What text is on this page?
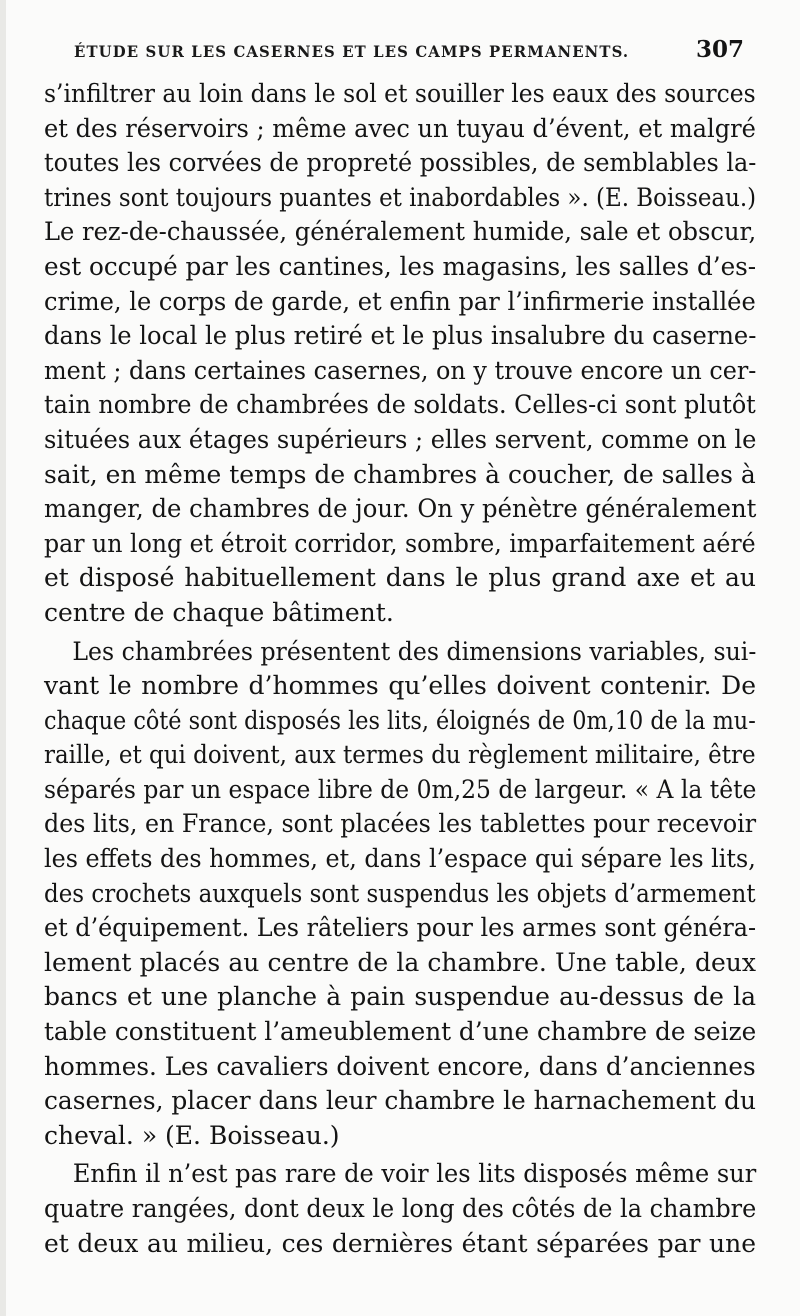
ÉTUDE SUR LES CASERNES ET LES CAMPS PERMANENTS.	307
s’infiltrer au loin dans le sol et souiller les eaux des sources
et des réservoirs ; même avec un tuyau d’évent, et malgré
toutes les corvées de propreté possibles, de semblables la-
trines sont toujours puantes et inabordables ». (E. Boisseau.)
Le rez-de-chaussée, généralement humide, sale et obscur,
est occupé par les cantines, les magasins, les salles d’es-
crime, le corps de garde, et enfin par l’infirmerie installée
dans le local le plus retiré et le plus insalubre du caserne-
ment ; dans certaines casernes, on y trouve encore un cer-
tain nombre de chambrées de soldats. Celles-ci sont plutôt
situées aux étages supérieurs ; elles servent, comme on le
sait, en même temps de chambres à coucher, de salles à
manger, de chambres de jour. On y pénètre généralement
par un long et étroit corridor, sombre, imparfaitement aéré
et disposé habituellement dans le plus grand axe et au
centre de chaque bâtiment.
Les chambrées présentent des dimensions variables, sui-
vant le nombre d’hommes qu’elles doivent contenir. De
chaque côté sont disposés les lits, éloignés de 0m,10 de la mu-
raille, et qui doivent, aux termes du règlement militaire, être
séparés par un espace libre de 0m,25 de largeur. « A la tête
des lits, en France, sont placées les tablettes pour recevoir
les effets des hommes, et, dans l’espace qui sépare les lits,
des crochets auxquels sont suspendus les objets d’armement
et d’équipement. Les râteliers pour les armes sont généra-
lement placés au centre de la chambre. Une table, deux
bancs et une planche à pain suspendue au-dessus de la
table constituent l’ameublement d’une chambre de seize
hommes. Les cavaliers doivent encore, dans d’anciennes
casernes, placer dans leur chambre le harnachement du
cheval. » (E. Boisseau.)
Enfin il n’est pas rare de voir les lits disposés même sur
quatre rangées, dont deux le long des côtés de la chambre
et deux au milieu, ces dernières étant séparées par une
